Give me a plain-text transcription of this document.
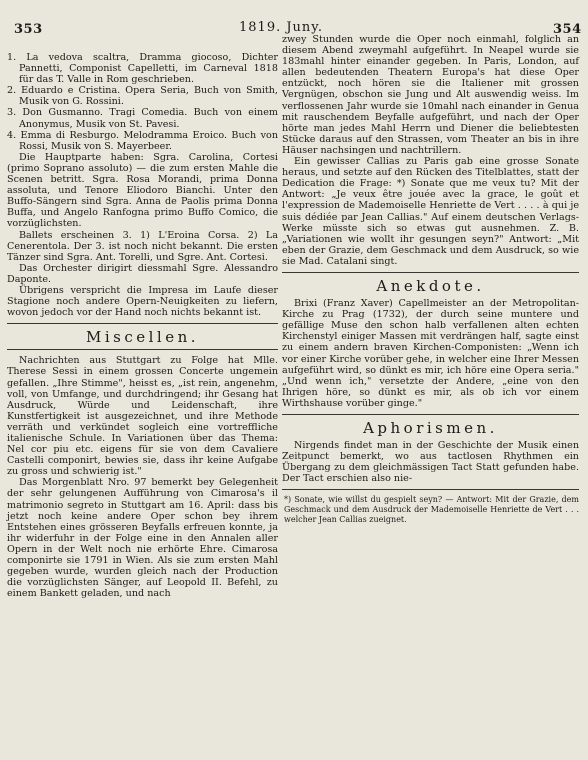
353	1819. Juny.	354

1. La vedova scaltra, Dramma giocoso, Dichter Pannetti, Componist Capelletti, im Carneval 1818 für das T. Valle in Rom geschrieben.

2. Eduardo e Cristina. Opera Seria, Buch von Smith, Musik von G. Rossini.

3. Don Gusmanno. Tragi Comedia. Buch von einem Anonymus, Musik von St. Pavesi.

4. Emma di Resburgo. Melodramma Eroico. Buch von Rossi, Musik von S. Mayerbeer.

Die Hauptparte haben: Sgra. Carolina, Cortesi (primo Soprano assoluto) — die zum ersten Mahle die Scenen betritt. Sgra. Rosa Morandi, prima Donna assoluta, und Tenore Eliodoro Bianchi. Unter den Buffo-Sängern sind Sgra. Anna de Paolis prima Donna Buffa, und Angelo Ranfogna primo Buffo Comico, die vorzüglichsten.

Ballets erscheinen 3. 1) L'Eroina Corsa. 2) La Cenerentola. Der 3. ist noch nicht bekannt. Die ersten Tänzer sind Sgra. Ant. Torelli, und Sgre. Ant. Cortesi.

Das Orchester dirigirt diessmahl Sgre. Alessandro Daponte.

Übrigens verspricht die Impresa im Laufe dieser Stagione noch andere Opern-Neuigkeiten zu liefern, wovon jedoch vor der Hand noch nichts bekannt ist.

Miscellen.

Nachrichten aus Stuttgart zu Folge hat Mlle. Therese Sessi in einem grossen Concerte ungemein gefallen. „Ihre Stimme", heisst es, „ist rein, angenehm, voll, von Umfange, und durchdringend; ihr Gesang hat Ausdruck, Würde und Leidenschaft, ihre Kunstfertigkeit ist ausgezeichnet, und ihre Methode verräth und verkündet sogleich eine vortreffliche italienische Schule. In Variationen über das Thema: Nel cor piu etc. eigens für sie von dem Cavaliere Castelli componirt, bewies sie, dass ihr keine Aufgabe zu gross und schwierig ist."

Das Morgenblatt Nro. 97 bemerkt bey Gelegenheit der sehr gelungenen Aufführung von Cimarosa's il matrimonio segreto in Stuttgart am 16. April: dass bis jetzt noch keine andere Oper schon bey ihrem Entstehen eines grösseren Beyfalls erfreuen konnte, ja ihr widerfuhr in der Folge eine in den Annalen aller Opern in der Welt noch nie erhörte Ehre. Cimarosa componirte sie 1791 in Wien. Als sie zum ersten Mahl gegeben wurde, wurden gleich nach der Production die vorzüglichsten Sänger, auf Leopold II. Befehl, zu einem Bankett geladen, und nach

zwey Stunden wurde die Oper noch einmahl, folglich an diesem Abend zweymahl aufgeführt. In Neapel wurde sie 183mahl hinter einander gegeben. In Paris, London, auf allen bedeutenden Theatern Europa's hat diese Oper entzückt, noch hören sie die Italiener mit grossen Vergnügen, obschon sie Jung und Alt auswendig weiss. Im verflossenen Jahr wurde sie 10mahl nach einander in Genua mit rauschendem Beyfalle aufgeführt, und nach der Oper hörte man jedes Mahl Herrn und Diener die beliebtesten Stücke daraus auf den Strassen, vom Theater an bis in ihre Häuser nachsingen und nachtrillern.

Ein gewisser Callias zu Paris gab eine grosse Sonate heraus, und setzte auf den Rücken des Titelblattes, statt der Dedication die Frage: *) Sonate que me veux tu? Mit der Antwort: „Je veux être jouée avec la grace, le goût et l'expression de Mademoiselle Henriette de Vert . . . . à qui je suis dédiée par Jean Callias." Auf einem deutschen Verlags-Werke müsste sich so etwas gut ausnehmen. Z. B. „Variationen wie wollt ihr gesungen seyn?" Antwort: „Mit eben der Grazie, dem Geschmack und dem Ausdruck, so wie sie Mad. Catalani singt.

Anekdote.

Brixi (Franz Xaver) Capellmeister an der Metropolitan-Kirche zu Prag (1732), der durch seine muntere und gefällige Muse den schon halb verfallenen alten echten Kirchenstyl einiger Massen mit verdrängen half, sagte einst zu einem andern braven Kirchen-Componisten: „Wenn ich vor einer Kirche vorüber gehe, in welcher eine Ihrer Messen aufgeführt wird, so dünkt es mir, ich höre eine Opera seria." „Und wenn ich," versetzte der Andere, „eine von den Ihrigen höre, so dünkt es mir, als ob ich vor einem Wirthshause vorüber ginge."

Aphorismen.

Nirgends findet man in der Geschichte der Musik einen Zeitpunct bemerkt, wo aus tactlosen Rhythmen ein Übergang zu dem gleichmässigen Tact Statt gefunden habe. Der Tact erschien also nie-

*) Sonate, wie willst du gespielt seyn? — Antwort: Mit der Grazie, dem Geschmack und dem Ausdruck der Mademoiselle Henriette de Vert . . . welcher Jean Callias zueignet.
